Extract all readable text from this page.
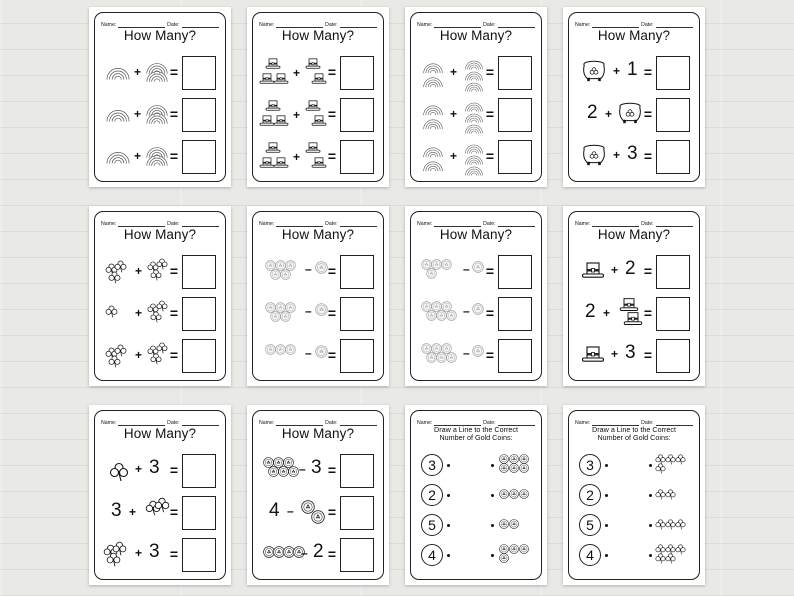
Name:	Date:
How Many?
+ =
+ =
+ =
Name:	Date:
How Many?
+ =
+ =
+ =
Name:	Date:
How Many?
+ =
+ =
+ =
Name:	Date:
How Many?
+ 1 =
2 + =
+ 3 =
Name:	Date:
How Many?
+ =
+ =
+ =
Name:	Date:
How Many?
– =
– =
– =
Name:	Date:
How Many?
– =
– =
– =
Name:	Date:
How Many?
+ 2 =
2 + =
+ 3 =
Name:	Date:
How Many?
+ 3 =
3 + =
+ 3 =
Name:	Date:
How Many?
– 3 =
4 – =
– 2 =
Name:	Date:
Draw a Line to the Correct
Number of Gold Coins:
3
2
5
4
Name:	Date:
Draw a Line to the Correct
Number of Gold Coins:
3
2
5
4
